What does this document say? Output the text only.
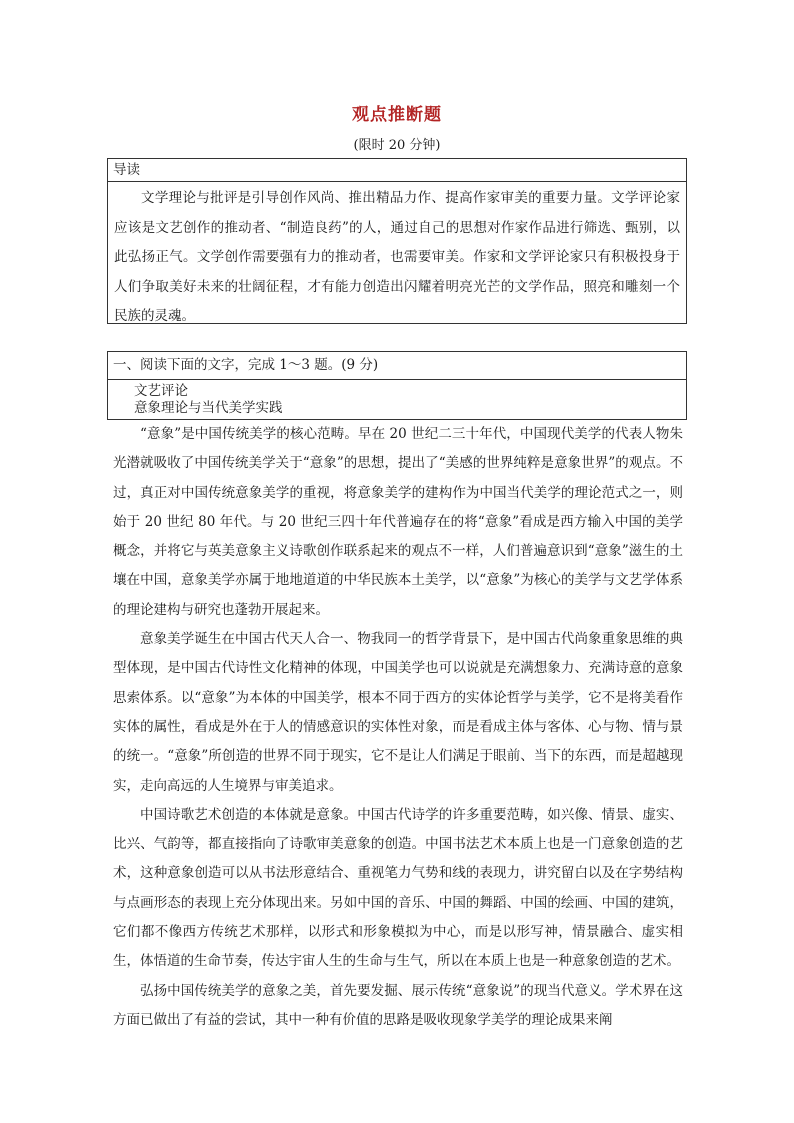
观点推断题
(限时 20 分钟)
导读
文学理论与批评是引导创作风尚、推出精品力作、提高作家审美的重要力量。文学评论家应该是文艺创作的推动者、“制造良药”的人，通过自己的思想对作家作品进行筛选、甄别，以此弘扬正气。文学创作需要强有力的推动者，也需要审美。作家和文学评论家只有积极投身于人们争取美好未来的壮阔征程，才有能力创造出闪耀着明亮光芒的文学作品，照亮和雕刻一个民族的灵魂。
一、阅读下面的文字，完成 1～3 题。(9 分)
文艺评论
意象理论与当代美学实践

“意象”是中国传统美学的核心范畴。早在 20 世纪二三十年代，中国现代美学的代表人物朱光潜就吸收了中国传统美学关于“意象”的思想，提出了“美感的世界纯粹是意象世界”的观点。不过，真正对中国传统意象美学的重视，将意象美学的建构作为中国当代美学的理论范式之一，则始于 20 世纪 80 年代。与 20 世纪三四十年代普遍存在的将“意象”看成是西方输入中国的美学概念，并将它与英美意象主义诗歌创作联系起来的观点不一样，人们普遍意识到“意象”滋生的土壤在中国，意象美学亦属于地地道道的中华民族本土美学，以“意象”为核心的美学与文艺学体系的理论建构与研究也蓬勃开展起来。

意象美学诞生在中国古代天人合一、物我同一的哲学背景下，是中国古代尚象重象思维的典型体现，是中国古代诗性文化精神的体现，中国美学也可以说就是充满想象力、充满诗意的意象思索体系。以“意象”为本体的中国美学，根本不同于西方的实体论哲学与美学，它不是将美看作实体的属性，看成是外在于人的情感意识的实体性对象，而是看成主体与客体、心与物、情与景的统一。“意象”所创造的世界不同于现实，它不是让人们满足于眼前、当下的东西，而是超越现实，走向高远的人生境界与审美追求。

中国诗歌艺术创造的本体就是意象。中国古代诗学的许多重要范畴，如兴像、情景、虚实、比兴、气韵等，都直接指向了诗歌审美意象的创造。中国书法艺术本质上也是一门意象创造的艺术，这种意象创造可以从书法形意结合、重视笔力气势和线的表现力，讲究留白以及在字势结构与点画形态的表现上充分体现出来。另如中国的音乐、中国的舞蹈、中国的绘画、中国的建筑，它们都不像西方传统艺术那样，以形式和形象模拟为中心，而是以形写神，情景融合、虚实相生，体悟道的生命节奏，传达宇宙人生的生命与生气，所以在本质上也是一种意象创造的艺术。

弘扬中国传统美学的意象之美，首先要发掘、展示传统“意象说”的现当代意义。学术界在这方面已做出了有益的尝试，其中一种有价值的思路是吸收现象学美学的理论成果来阐
